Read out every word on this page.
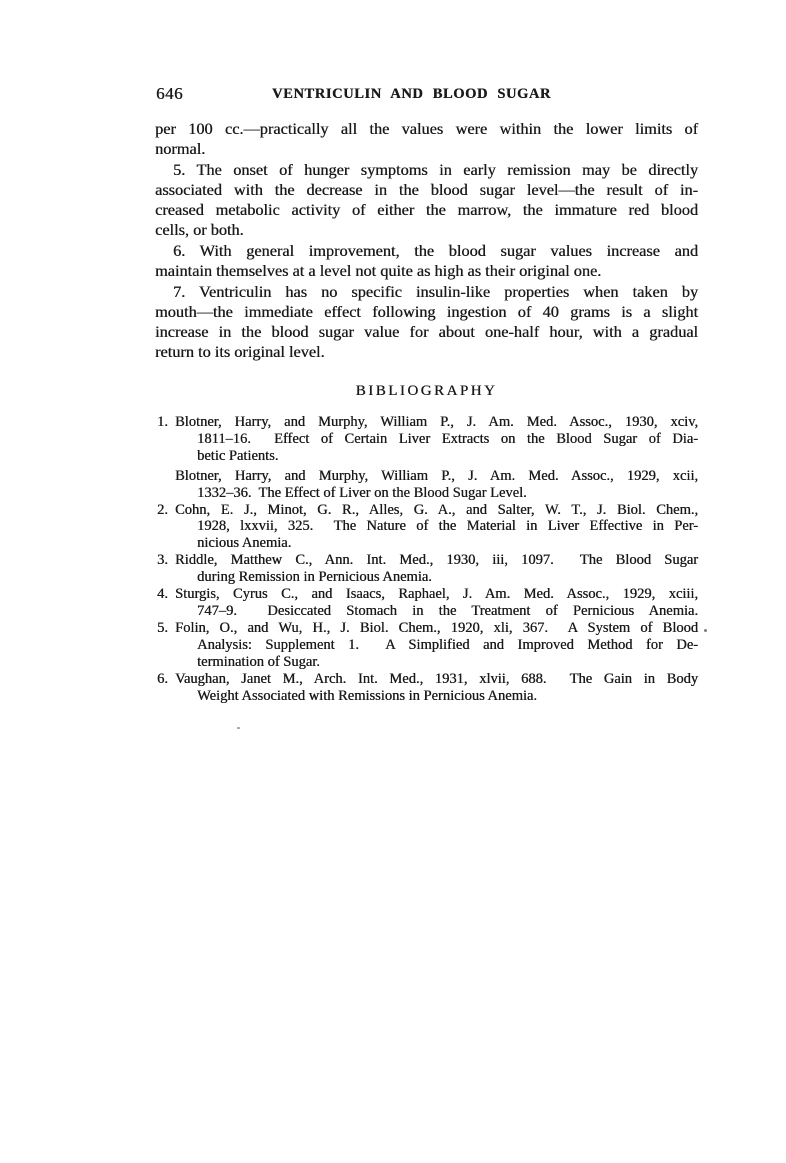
646	VENTRICULIN AND BLOOD SUGAR
per 100 cc.—practically all the values were within the lower limits of
normal.
5. The onset of hunger symptoms in early remission may be directly
associated with the decrease in the blood sugar level—the result of in-
creased metabolic activity of either the marrow, the immature red blood
cells, or both.
6. With general improvement, the blood sugar values increase and
maintain themselves at a level not quite as high as their original one.
7. Ventriculin has no specific insulin-like properties when taken by
mouth—the immediate effect following ingestion of 40 grams is a slight
increase in the blood sugar value for about one-half hour, with a gradual
return to its original level.
BIBLIOGRAPHY
1. Blotner, Harry, and Murphy, William P., J. Am. Med. Assoc., 1930, xciv,
1811–16.  Effect of Certain Liver Extracts on the Blood Sugar of Dia-
betic Patients.
Blotner, Harry, and Murphy, William P., J. Am. Med. Assoc., 1929, xcii,
1332–36.  The Effect of Liver on the Blood Sugar Level.
2. Cohn, E. J., Minot, G. R., Alles, G. A., and Salter, W. T., J. Biol. Chem.,
1928, lxxvii, 325.  The Nature of the Material in Liver Effective in Per-
nicious Anemia.
3. Riddle, Matthew C., Ann. Int. Med., 1930, iii, 1097.  The Blood Sugar
during Remission in Pernicious Anemia.
4. Sturgis, Cyrus C., and Isaacs, Raphael, J. Am. Med. Assoc., 1929, xciii,
747–9.  Desiccated Stomach in the Treatment of Pernicious Anemia.
5. Folin, O., and Wu, H., J. Biol. Chem., 1920, xli, 367.  A System of Blood
Analysis: Supplement 1.  A Simplified and Improved Method for De-
termination of Sugar.
6. Vaughan, Janet M., Arch. Int. Med., 1931, xlvii, 688.  The Gain in Body
Weight Associated with Remissions in Pernicious Anemia.
